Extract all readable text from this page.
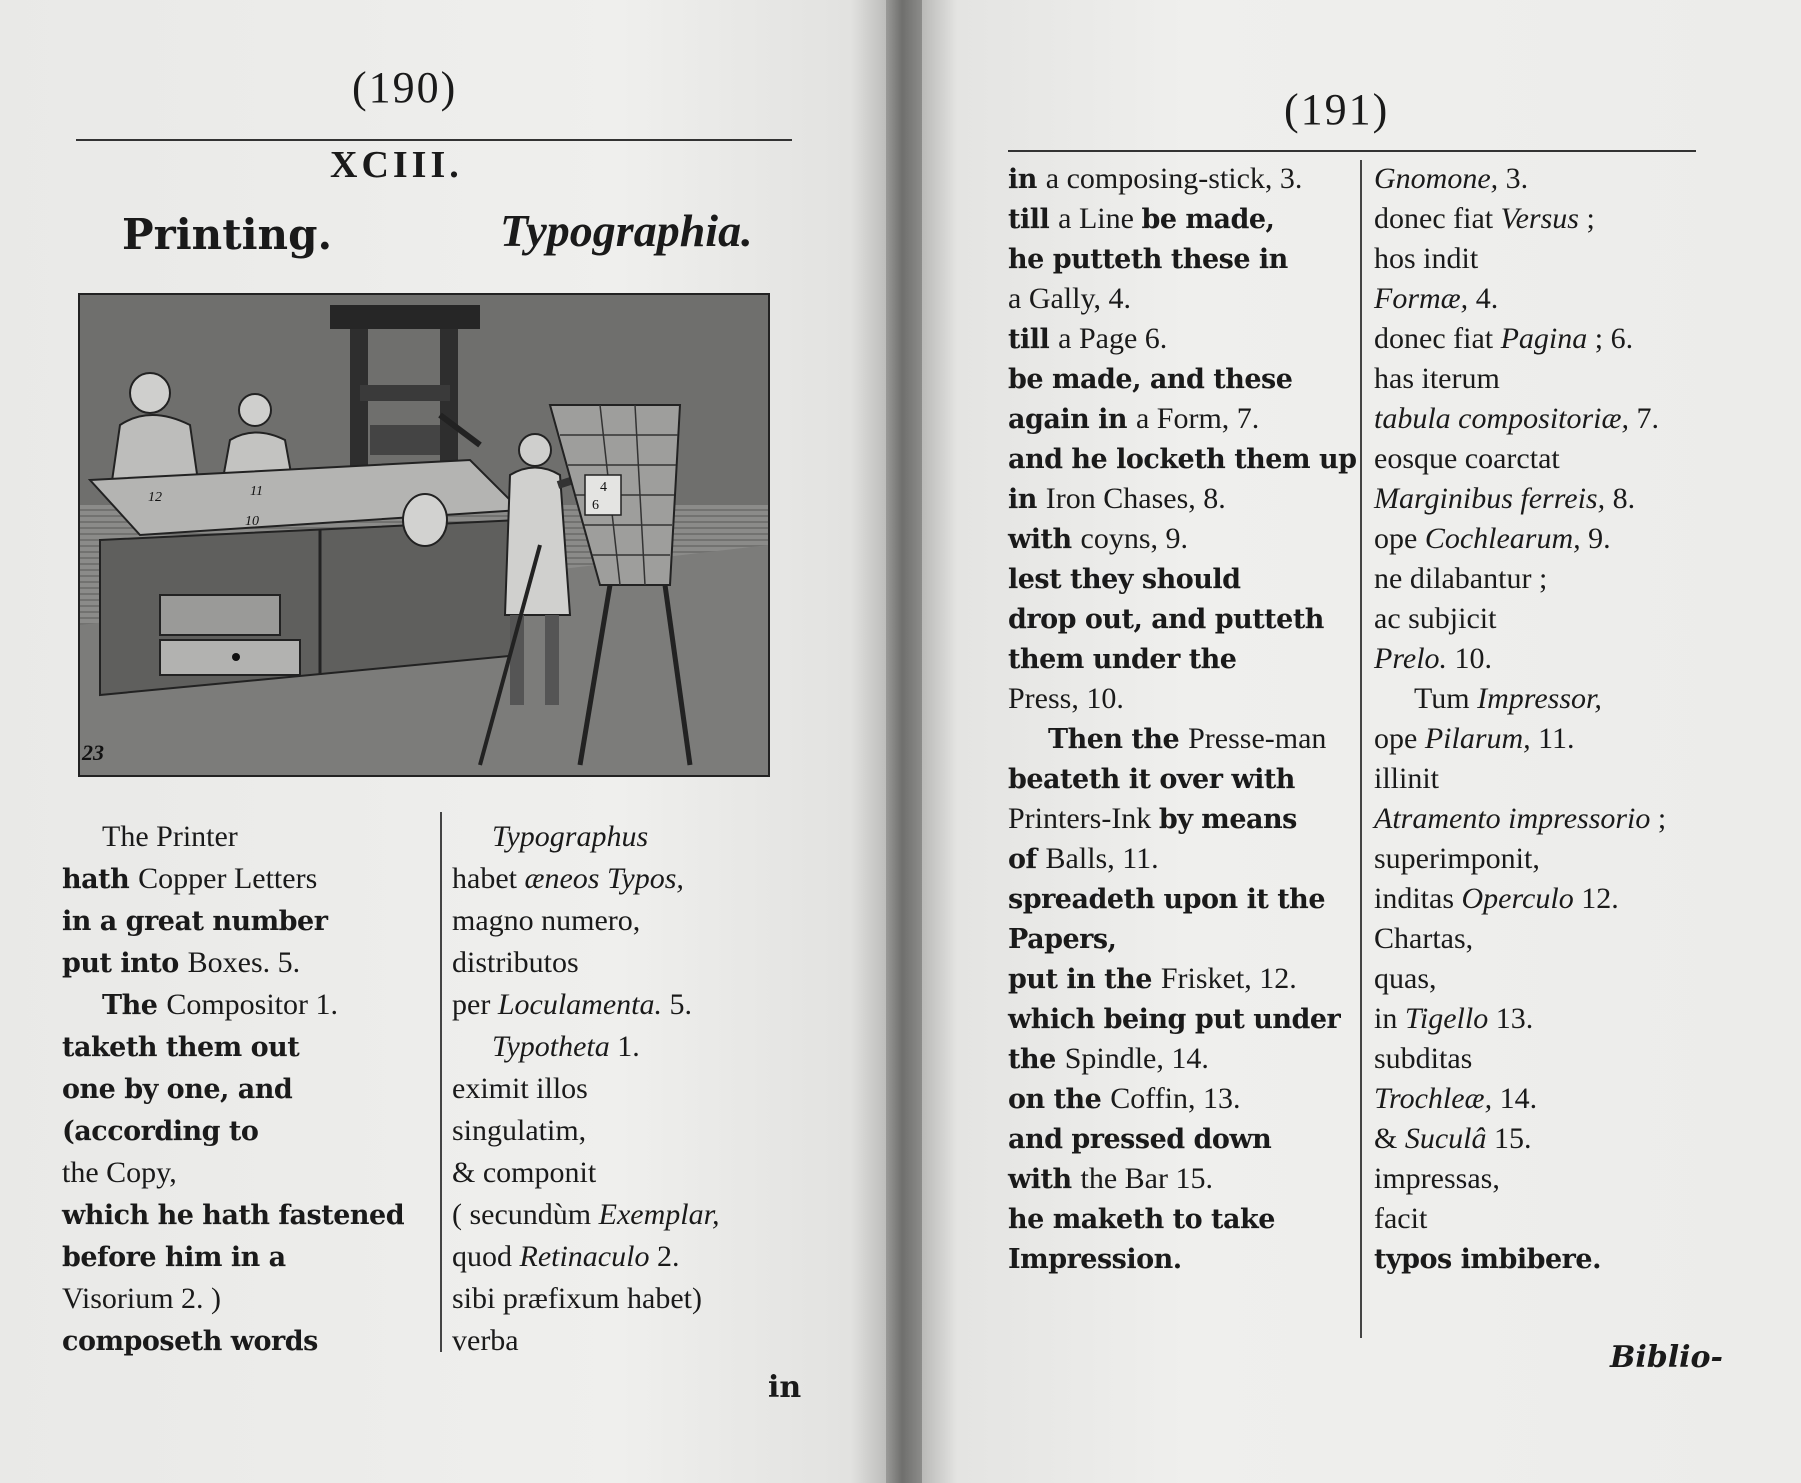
(190)
XCIII.
Printing.	Typographia.
12	11
10
4
6
23
The Printer
hath Copper Letters
in a great number
put into Boxes. 5.
The Compositor 1.
taketh them out
one by one, and
(according to
the Copy,
which he hath fastened
before him in a
Visorium 2. )
composeth words
Typographus
habet æneos Typos,
magno numero,
distributos
per Loculamenta. 5.
Typotheta 1.
eximit illos
singulatim,
& componit
( secundùm Exemplar,
quod Retinaculo 2.
sibi præfixum habet)
verba
in
(191)
in a composing-stick, 3.
till a Line be made,
he putteth these in
a Gally, 4.
till a Page 6.
be made, and these
again in a Form, 7.
and he locketh them up
in Iron Chases, 8.
with coyns, 9.
lest they should
drop out, and putteth
them under the
Press, 10.
Then the Presse-man
beateth it over with
Printers-Ink by means
of Balls, 11.
spreadeth upon it the
Papers,
put in the Frisket, 12.
which being put under
the Spindle, 14.
on the Coffin, 13.
and pressed down
with the Bar 15.
he maketh to take
Impression.
Gnomone, 3.
donec fiat Versus ;
hos indit
Formæ, 4.
donec fiat Pagina ; 6.
has iterum
tabula compositoriæ, 7.
eosque coarctat
Marginibus ferreis, 8.
ope Cochlearum, 9.
ne dilabantur ;
ac subjicit
Prelo. 10.
Tum Impressor,
ope Pilarum, 11.
illinit
Atramento impressorio ;
superimponit,
inditas Operculo 12.
Chartas,
quas,
in Tigello 13.
subditas
Trochleæ, 14.
& Suculâ 15.
impressas,
facit
typos imbibere.
Biblio-
